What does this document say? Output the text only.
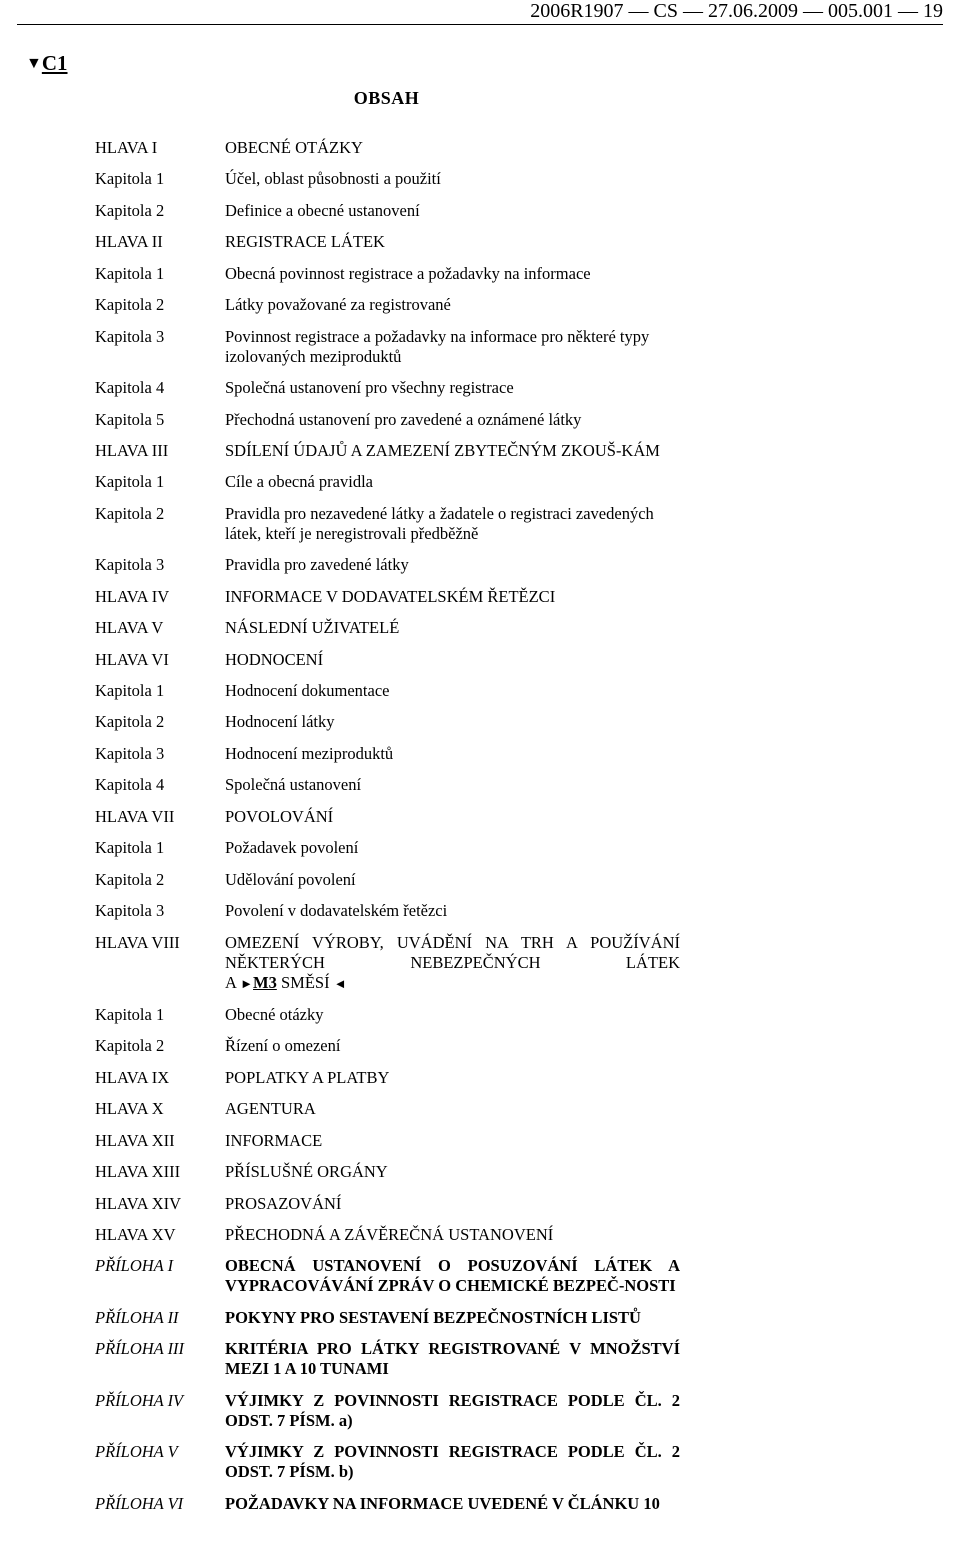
2006R1907 — CS — 27.06.2009 — 005.001 — 19
▼C1
OBSAH
HLAVA I	OBECNÉ OTÁZKY
Kapitola 1	Účel, oblast působnosti a použití
Kapitola 2	Definice a obecné ustanovení
HLAVA II	REGISTRACE LÁTEK
Kapitola 1	Obecná povinnost registrace a požadavky na informace
Kapitola 2	Látky považované za registrované
Kapitola 3	Povinnost registrace a požadavky na informace pro některé typy izolovaných meziproduktů
Kapitola 4	Společná ustanovení pro všechny registrace
Kapitola 5	Přechodná ustanovení pro zavedené a oznámené látky
HLAVA III	SDÍLENÍ ÚDAJŮ A ZAMEZENÍ ZBYTEČNÝM ZKOUŠ-KÁM
Kapitola 1	Cíle a obecná pravidla
Kapitola 2	Pravidla pro nezavedené látky a žadatele o registraci zavedených látek, kteří je neregistrovali předběžně
Kapitola 3	Pravidla pro zavedené látky
HLAVA IV	INFORMACE V DODAVATELSKÉM ŘETĚZCI
HLAVA V	NÁSLEDNÍ UŽIVATELÉ
HLAVA VI	HODNOCENÍ
Kapitola 1	Hodnocení dokumentace
Kapitola 2	Hodnocení látky
Kapitola 3	Hodnocení meziproduktů
Kapitola 4	Společná ustanovení
HLAVA VII	POVOLOVÁNÍ
Kapitola 1	Požadavek povolení
Kapitola 2	Udělování povolení
Kapitola 3	Povolení v dodavatelském řetězci
HLAVA VIII	OMEZENÍ VÝROBY, UVÁDĚNÍ NA TRH A POUŽÍVÁNÍ NĚKTERÝCH NEBEZPEČNÝCH LÁTEK
A ►M3 SMĚSÍ ◄
Kapitola 1	Obecné otázky
Kapitola 2	Řízení o omezení
HLAVA IX	POPLATKY A PLATBY
HLAVA X	AGENTURA
HLAVA XII	INFORMACE
HLAVA XIII	PŘÍSLUŠNÉ ORGÁNY
HLAVA XIV	PROSAZOVÁNÍ
HLAVA XV	PŘECHODNÁ A ZÁVĚREČNÁ USTANOVENÍ
PŘÍLOHA I	OBECNÁ USTANOVENÍ O POSUZOVÁNÍ LÁTEK A VYPRACOVÁVÁNÍ ZPRÁV O CHEMICKÉ BEZPEČ-NOSTI
PŘÍLOHA II	POKYNY PRO SESTAVENÍ BEZPEČNOSTNÍCH LISTŮ
PŘÍLOHA III	KRITÉRIA PRO LÁTKY REGISTROVANÉ V MNOŽSTVÍ MEZI 1 A 10 TUNAMI
PŘÍLOHA IV	VÝJIMKY Z POVINNOSTI REGISTRACE PODLE ČL. 2 ODST. 7 PÍSM. a)
PŘÍLOHA V	VÝJIMKY Z POVINNOSTI REGISTRACE PODLE ČL. 2 ODST. 7 PÍSM. b)
PŘÍLOHA VI	POŽADAVKY NA INFORMACE UVEDENÉ V ČLÁNKU 10
